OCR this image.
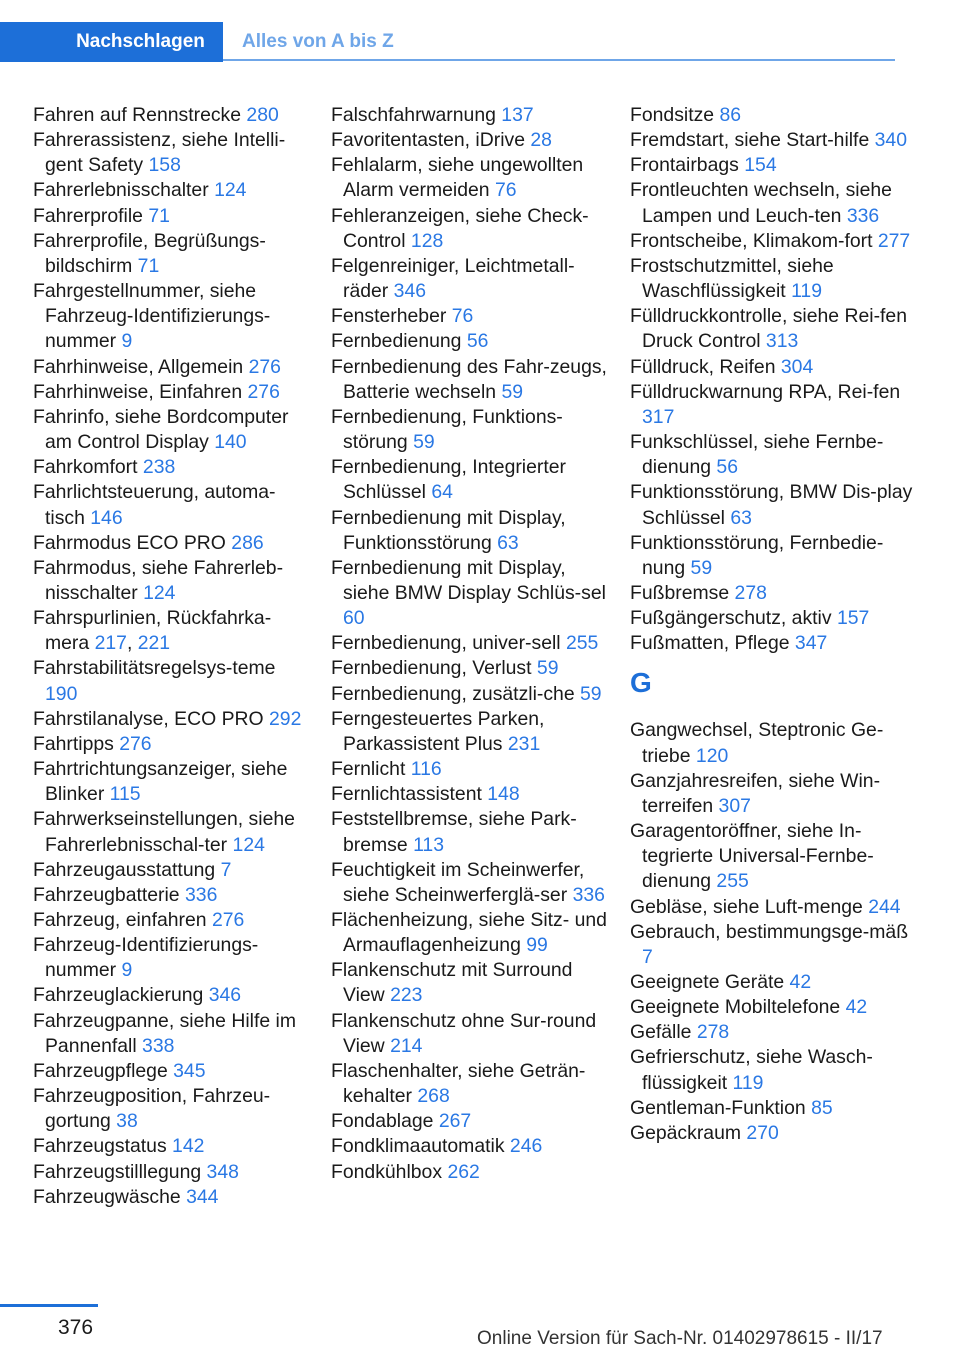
Nachschlagen	Alles von A bis Z
Fahren auf Rennstrecke 280
Fahrerassistenz, siehe Intelli-gent Safety 158
Fahrerlebnisschalter 124
Fahrerprofile 71
Fahrerprofile, Begrüßungs-bildschirm 71
Fahrgestellnummer, siehe Fahrzeug-Identifizierungs-nummer 9
Fahrhinweise, Allgemein 276
Fahrhinweise, Einfahren 276
Fahrinfo, siehe Bordcomputer am Control Display 140
Fahrkomfort 238
Fahrlichtsteuerung, automa-tisch 146
Fahrmodus ECO PRO 286
Fahrmodus, siehe Fahrerleb-nisschalter 124
Fahrspurlinien, Rückfahrka-mera 217, 221
Fahrstabilitätsregelsys-teme 190
Fahrstilanalyse, ECO PRO 292
Fahrtipps 276
Fahrtrichtungsanzeiger, siehe Blinker 115
Fahrwerkseinstellungen, siehe Fahrerlebnisschal-ter 124
Fahrzeugausstattung 7
Fahrzeugbatterie 336
Fahrzeug, einfahren 276
Fahrzeug-Identifizierungs-nummer 9
Fahrzeuglackierung 346
Fahrzeugpanne, siehe Hilfe im Pannenfall 338
Fahrzeugpflege 345
Fahrzeugposition, Fahrzeu-gortung 38
Fahrzeugstatus 142
Fahrzeugstilllegung 348
Fahrzeugwäsche 344
Falschfahrwarnung 137
Favoritentasten, iDrive 28
Fehlalarm, siehe ungewollten Alarm vermeiden 76
Fehleranzeigen, siehe Check-Control 128
Felgenreiniger, Leichtmetall-räder 346
Fensterheber 76
Fernbedienung 56
Fernbedienung des Fahr-zeugs, Batterie wechseln 59
Fernbedienung, Funktions-störung 59
Fernbedienung, Integrierter Schlüssel 64
Fernbedienung mit Display, Funktionsstörung 63
Fernbedienung mit Display, siehe BMW Display Schlüs-sel 60
Fernbedienung, univer-sell 255
Fernbedienung, Verlust 59
Fernbedienung, zusätzli-che 59
Ferngesteuertes Parken, Parkassistent Plus 231
Fernlicht 116
Fernlichtassistent 148
Feststellbremse, siehe Park-bremse 113
Feuchtigkeit im Scheinwerfer, siehe Scheinwerferglä-ser 336
Flächenheizung, siehe Sitz- und Armauflagenheizung 99
Flankenschutz mit Surround View 223
Flankenschutz ohne Sur-round View 214
Flaschenhalter, siehe Geträn-kehalter 268
Fondablage 267
Fondklimaautomatik 246
Fondkühlbox 262
Fondsitze 86
Fremdstart, siehe Start-hilfe 340
Frontairbags 154
Frontleuchten wechseln, siehe Lampen und Leuch-ten 336
Frontscheibe, Klimakom-fort 277
Frostschutzmittel, siehe Waschflüssigkeit 119
Fülldruckkontrolle, siehe Rei-fen Druck Control 313
Fülldruck, Reifen 304
Fülldruckwarnung RPA, Rei-fen 317
Funkschlüssel, siehe Fernbe-dienung 56
Funktionsstörung, BMW Dis-play Schlüssel 63
Funktionsstörung, Fernbedie-nung 59
Fußbremse 278
Fußgängerschutz, aktiv 157
Fußmatten, Pflege 347
G
Gangwechsel, Steptronic Ge-triebe 120
Ganzjahresreifen, siehe Win-terreifen 307
Garagentoröffner, siehe In-tegrierte Universal-Fernbe-dienung 255
Gebläse, siehe Luft-menge 244
Gebrauch, bestimmungsge-mäß 7
Geeignete Geräte 42
Geeignete Mobiltelefone 42
Gefälle 278
Gefrierschutz, siehe Wasch-flüssigkeit 119
Gentleman-Funktion 85
Gepäckraum 270
376	Online Version für Sach-Nr. 01402978615 - II/17
